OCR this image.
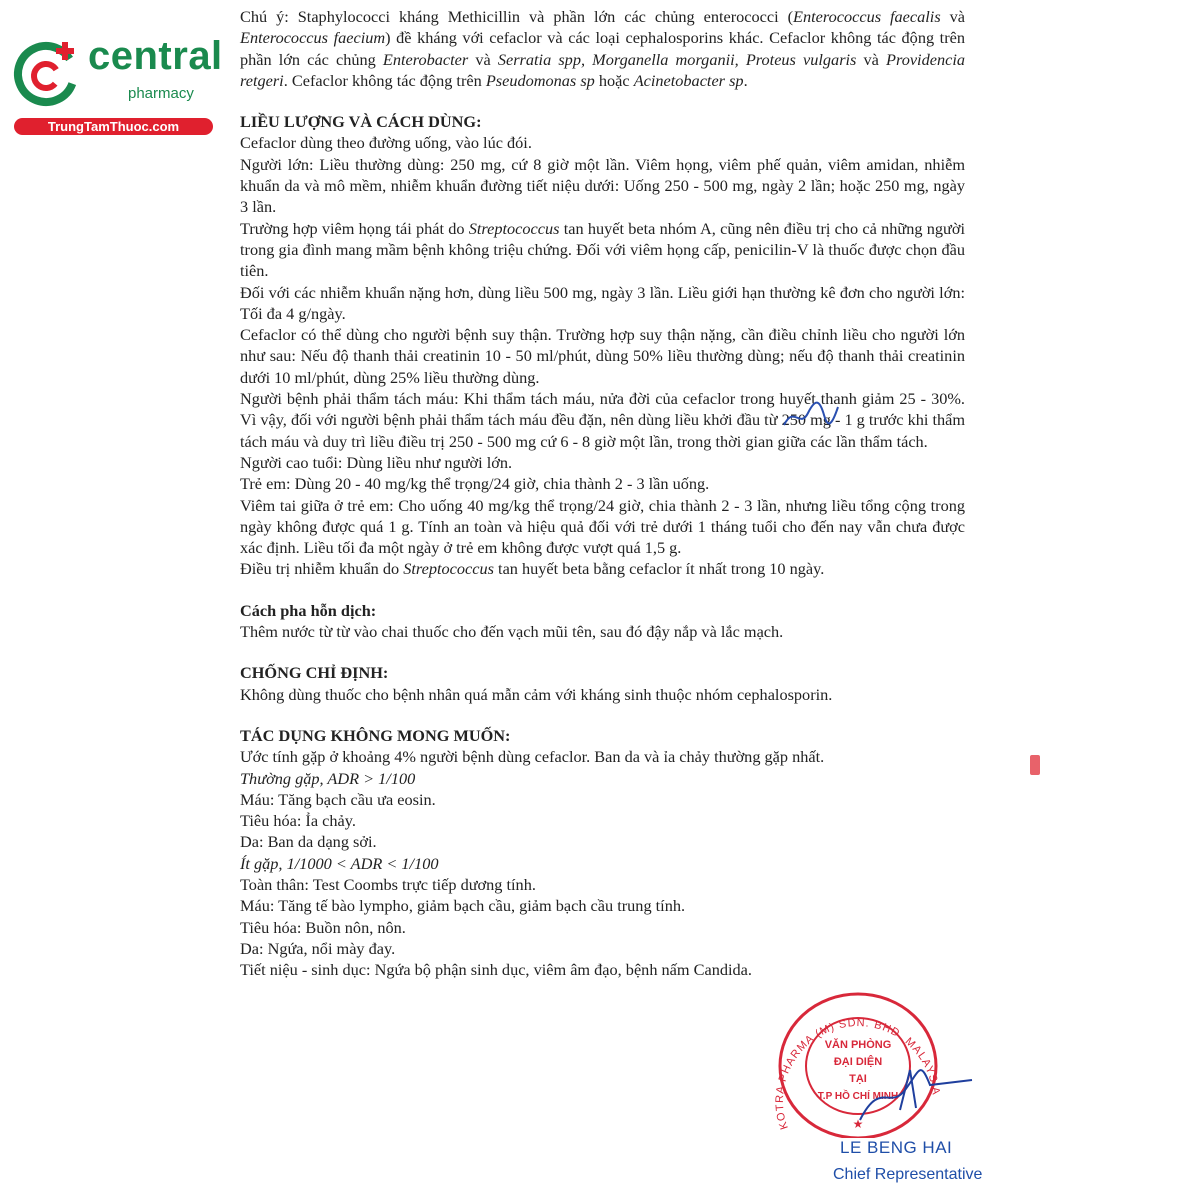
central
pharmacy
TrungTamThuoc.com

Chú ý: Staphylococci kháng Methicillin và phần lớn các chủng enterococci (Enterococcus faecalis và Enterococcus faecium) đề kháng với cefaclor và các loại cephalosporins khác. Cefaclor không tác động trên phần lớn các chủng Enterobacter và Serratia spp, Morganella morganii, Proteus vulgaris và Providencia retgeri. Cefaclor không tác động trên Pseudomonas sp hoặc Acinetobacter sp.

LIỀU LƯỢNG VÀ CÁCH DÙNG:

Cefaclor dùng theo đường uống, vào lúc đói.

Người lớn: Liều thường dùng: 250 mg, cứ 8 giờ một lần. Viêm họng, viêm phế quản, viêm amidan, nhiễm khuẩn da và mô mềm, nhiễm khuẩn đường tiết niệu dưới: Uống 250 - 500 mg, ngày 2 lần; hoặc 250 mg, ngày 3 lần.

Trường hợp viêm họng tái phát do Streptococcus tan huyết beta nhóm A, cũng nên điều trị cho cả những người trong gia đình mang mầm bệnh không triệu chứng. Đối với viêm họng cấp, penicilin-V là thuốc được chọn đầu tiên.

Đối với các nhiễm khuẩn nặng hơn, dùng liều 500 mg, ngày 3 lần. Liều giới hạn thường kê đơn cho người lớn: Tối đa 4 g/ngày.

Cefaclor có thể dùng cho người bệnh suy thận. Trường hợp suy thận nặng, cần điều chỉnh liều cho người lớn như sau: Nếu độ thanh thải creatinin 10 - 50 ml/phút, dùng 50% liều thường dùng; nếu độ thanh thải creatinin dưới 10 ml/phút, dùng 25% liều thường dùng.

Người bệnh phải thẩm tách máu: Khi thẩm tách máu, nửa đời của cefaclor trong huyết thanh giảm 25 - 30%. Vì vậy, đối với người bệnh phải thẩm tách máu đều đặn, nên dùng liều khởi đầu từ 250 mg - 1 g trước khi thẩm tách máu và duy trì liều điều trị 250 - 500 mg cứ 6 - 8 giờ một lần, trong thời gian giữa các lần thẩm tách.

Người cao tuổi: Dùng liều như người lớn.

Trẻ em: Dùng 20 - 40 mg/kg thể trọng/24 giờ, chia thành 2 - 3 lần uống.

Viêm tai giữa ở trẻ em: Cho uống 40 mg/kg thể trọng/24 giờ, chia thành 2 - 3 lần, nhưng liều tổng cộng trong ngày không được quá 1 g. Tính an toàn và hiệu quả đối với trẻ dưới 1 tháng tuổi cho đến nay vẫn chưa được xác định. Liều tối đa một ngày ở trẻ em không được vượt quá 1,5 g.

Điều trị nhiễm khuẩn do Streptococcus tan huyết beta bằng cefaclor ít nhất trong 10 ngày.

Cách pha hỗn dịch:

Thêm nước từ từ vào chai thuốc cho đến vạch mũi tên, sau đó đậy nắp và lắc mạch.

CHỐNG CHỈ ĐỊNH:

Không dùng thuốc cho bệnh nhân quá mẫn cảm với kháng sinh thuộc nhóm cephalosporin.

TÁC DỤNG KHÔNG MONG MUỐN:

Ước tính gặp ở khoảng 4% người bệnh dùng cefaclor. Ban da và ỉa chảy thường gặp nhất.

Thường gặp, ADR > 1/100

Máu: Tăng bạch cầu ưa eosin.

Tiêu hóa: Ỉa chảy.

Da: Ban da dạng sởi.

Ít gặp, 1/1000 < ADR < 1/100

Toàn thân: Test Coombs trực tiếp dương tính.

Máu: Tăng tế bào lympho, giảm bạch cầu, giảm bạch cầu trung tính.

Tiêu hóa: Buồn nôn, nôn.

Da: Ngứa, nổi mày đay.

Tiết niệu - sinh dục: Ngứa bộ phận sinh dục, viêm âm đạo, bệnh nấm Candida.

KOTRA PHARMA (M) SDN. BHD. MALAYSIA
VĂN PHÒNG
ĐẠI DIỆN
TẠI
T.P HỒ CHÍ MINH
★
LE BENG HAI
Chief Representative
